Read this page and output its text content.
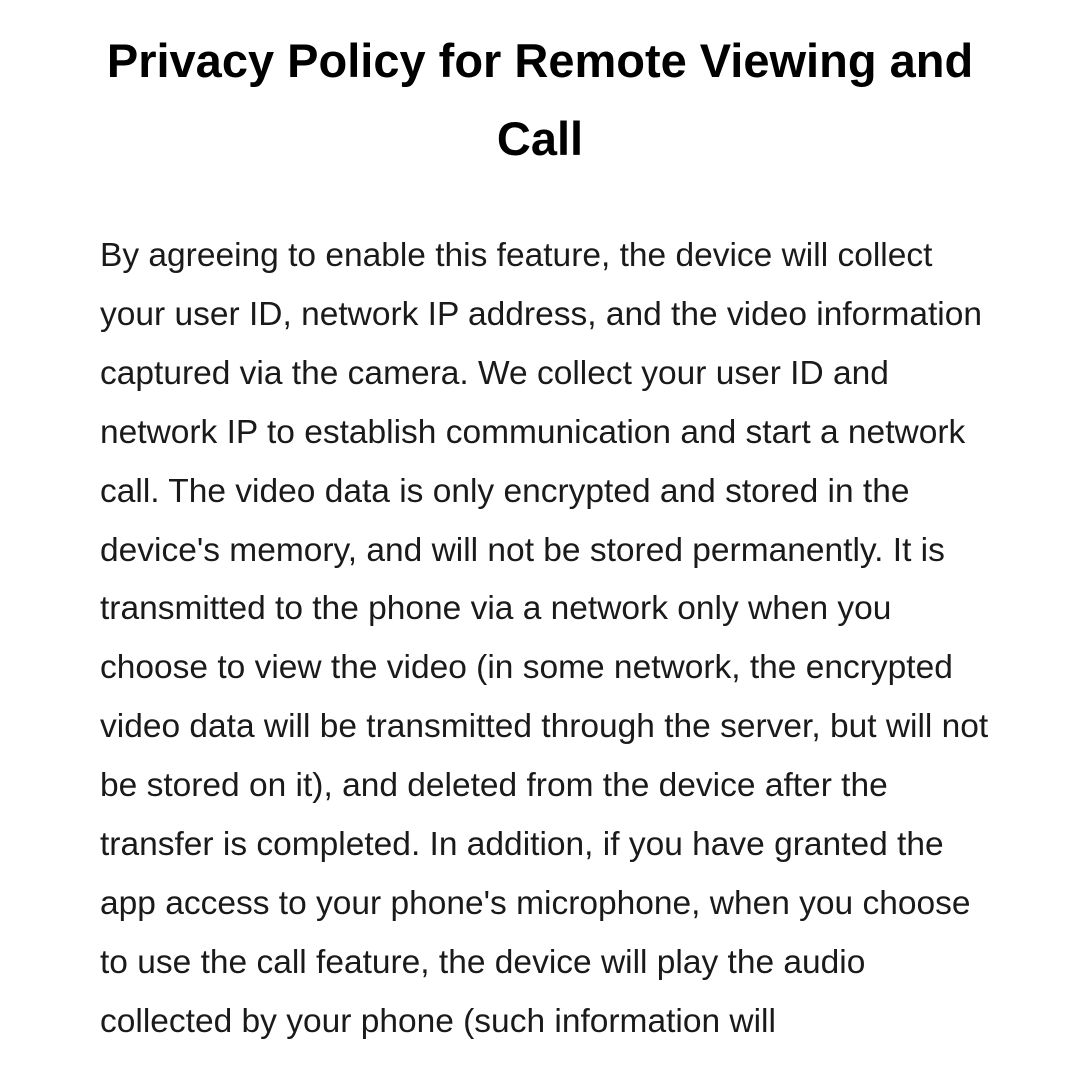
Privacy Policy for Remote Viewing and Call

By agreeing to enable this feature, the device will collect your user ID, network IP address, and the video information captured via the camera. We collect your user ID and network IP to establish communication and start a network call. The video data is only encrypted and stored in the device's memory, and will not be stored permanently. It is transmitted to the phone via a network only when you choose to view the video (in some network, the encrypted video data will be transmitted through the server, but will not be stored on it), and deleted from the device after the transfer is completed. In addition, if you have granted the app access to your phone's microphone, when you choose to use the call feature, the device will play the audio collected by your phone (such information will
